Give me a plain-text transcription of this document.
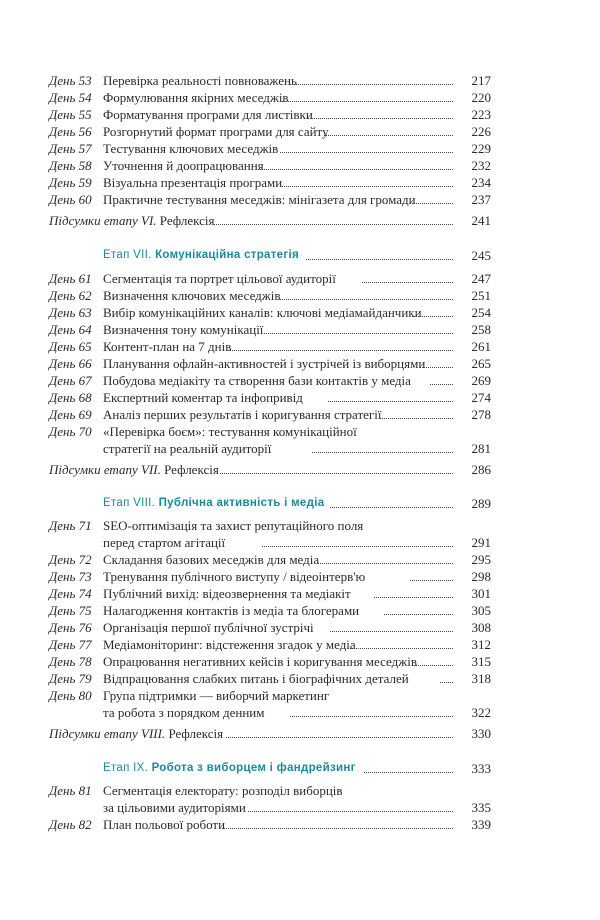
День 53 Перевірка реальності повноважень	217
День 54 Формулювання якірних меседжів	220
День 55 Форматування програми для листівки	223
День 56 Розгорнутий формат програми для сайту	226
День 57 Тестування ключових меседжів	229
День 58 Уточнення й доопрацювання	232
День 59 Візуальна презентація програми	234
День 60 Практичне тестування меседжів: мінігазета для громади	237
Підсумки етапу VI. Рефлексія	241
Етап VII. Комунікаційна стратегія	245
День 61 Сегментація та портрет цільової аудиторії	247
День 62 Визначення ключових меседжів	251
День 63 Вибір комунікаційних каналів: ключові медіамайданчики	254
День 64 Визначення тону комунікації	258
День 65 Контент-план на 7 днів	261
День 66 Планування офлайн-активностей і зустрічей із виборцями	265
День 67 Побудова медіакіту та створення бази контактів у медіа	269
День 68 Експертний коментар та інфопривід	274
День 69 Аналіз перших результатів і коригування стратегії	278
День 70 «Перевірка боєм»: тестування комунікаційної
стратегії на реальній аудиторії	281
Підсумки етапу VII. Рефлексія	286
Етап VIII. Публічна активність і медіа	289
День 71 SEO-оптимізація та захист репутаційного поля
перед стартом агітації	291
День 72 Складання базових меседжів для медіа	295
День 73 Тренування публічного виступу / відеоінтерв'ю	298
День 74 Публічний вихід: відеозвернення та медіакіт	301
День 75 Налагодження контактів із медіа та блогерами	305
День 76 Організація першої публічної зустрічі	308
День 77 Медіамоніторинг: відстеження згадок у медіа	312
День 78 Опрацювання негативних кейсів і коригування меседжів	315
День 79 Відпрацювання слабких питань і біографічних деталей	318
День 80 Група підтримки — виборчий маркетинг
та робота з порядком денним	322
Підсумки етапу VIII. Рефлексія	330
Етап IX. Робота з виборцем і фандрейзинг	333
День 81 Сегментація електорату: розподіл виборців
за цільовими аудиторіями	335
День 82 План польової роботи	339
